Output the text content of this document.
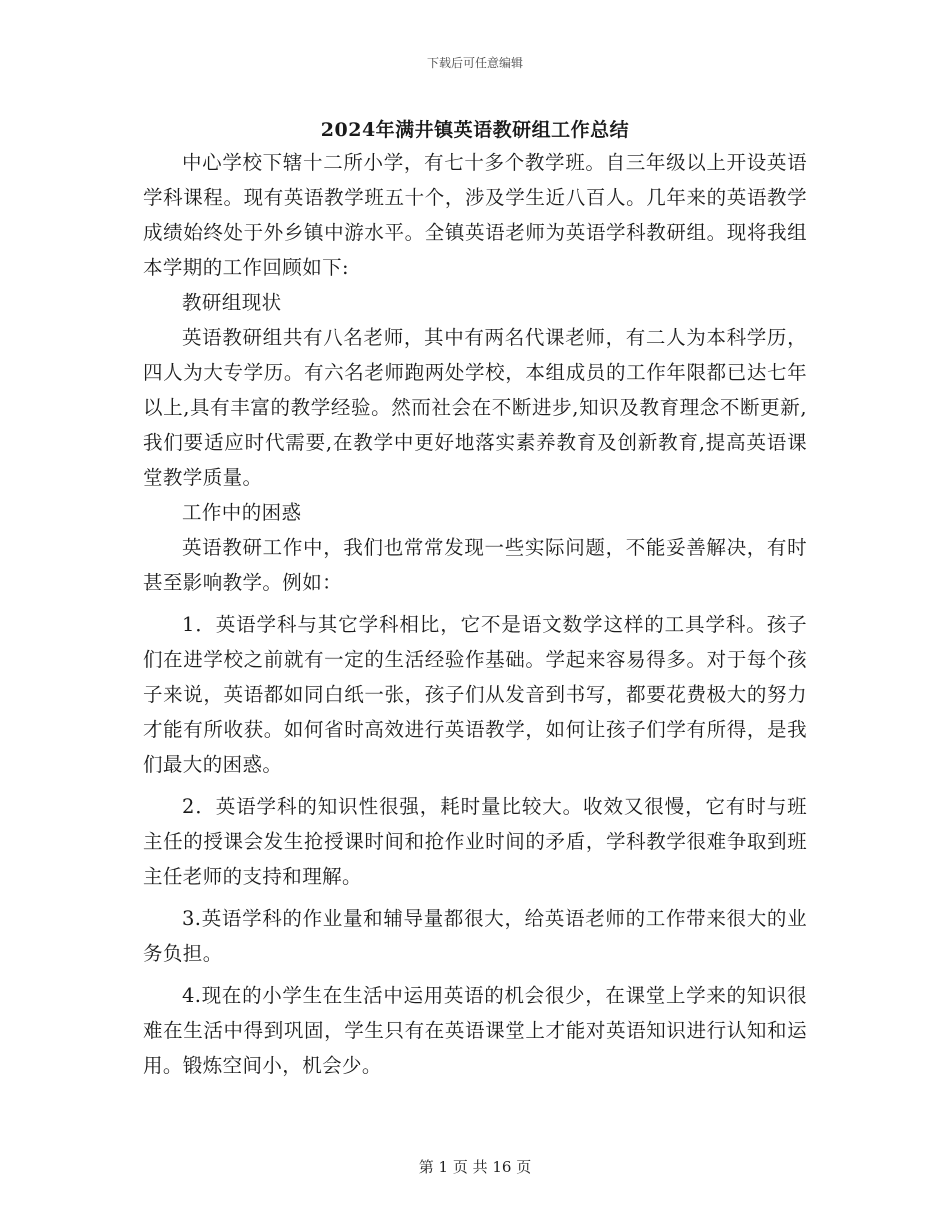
下载后可任意编辑
2024年满井镇英语教研组工作总结

中心学校下辖十二所小学，有七十多个教学班。自三年级以上开设英语学科课程。现有英语教学班五十个，涉及学生近八百人。几年来的英语教学成绩始终处于外乡镇中游水平。全镇英语老师为英语学科教研组。现将我组本学期的工作回顾如下:

教研组现状

英语教研组共有八名老师，其中有两名代课老师，有二人为本科学历，四人为大专学历。有六名老师跑两处学校，本组成员的工作年限都已达七年以上,具有丰富的教学经验。然而社会在不断进步,知识及教育理念不断更新,我们要适应时代需要,在教学中更好地落实素养教育及创新教育,提高英语课堂教学质量。

工作中的困惑

英语教研工作中，我们也常常发现一些实际问题，不能妥善解决，有时甚至影响教学。例如：

1．英语学科与其它学科相比，它不是语文数学这样的工具学科。孩子们在进学校之前就有一定的生活经验作基础。学起来容易得多。对于每个孩子来说，英语都如同白纸一张，孩子们从发音到书写，都要花费极大的努力才能有所收获。如何省时高效进行英语教学，如何让孩子们学有所得，是我们最大的困惑。

2．英语学科的知识性很强，耗时量比较大。收效又很慢，它有时与班主任的授课会发生抢授课时间和抢作业时间的矛盾，学科教学很难争取到班主任老师的支持和理解。

3.英语学科的作业量和辅导量都很大，给英语老师的工作带来很大的业务负担。

4.现在的小学生在生活中运用英语的机会很少，在课堂上学来的知识很难在生活中得到巩固，学生只有在英语课堂上才能对英语知识进行认知和运用。锻炼空间小，机会少。

第 1 页 共 16 页
